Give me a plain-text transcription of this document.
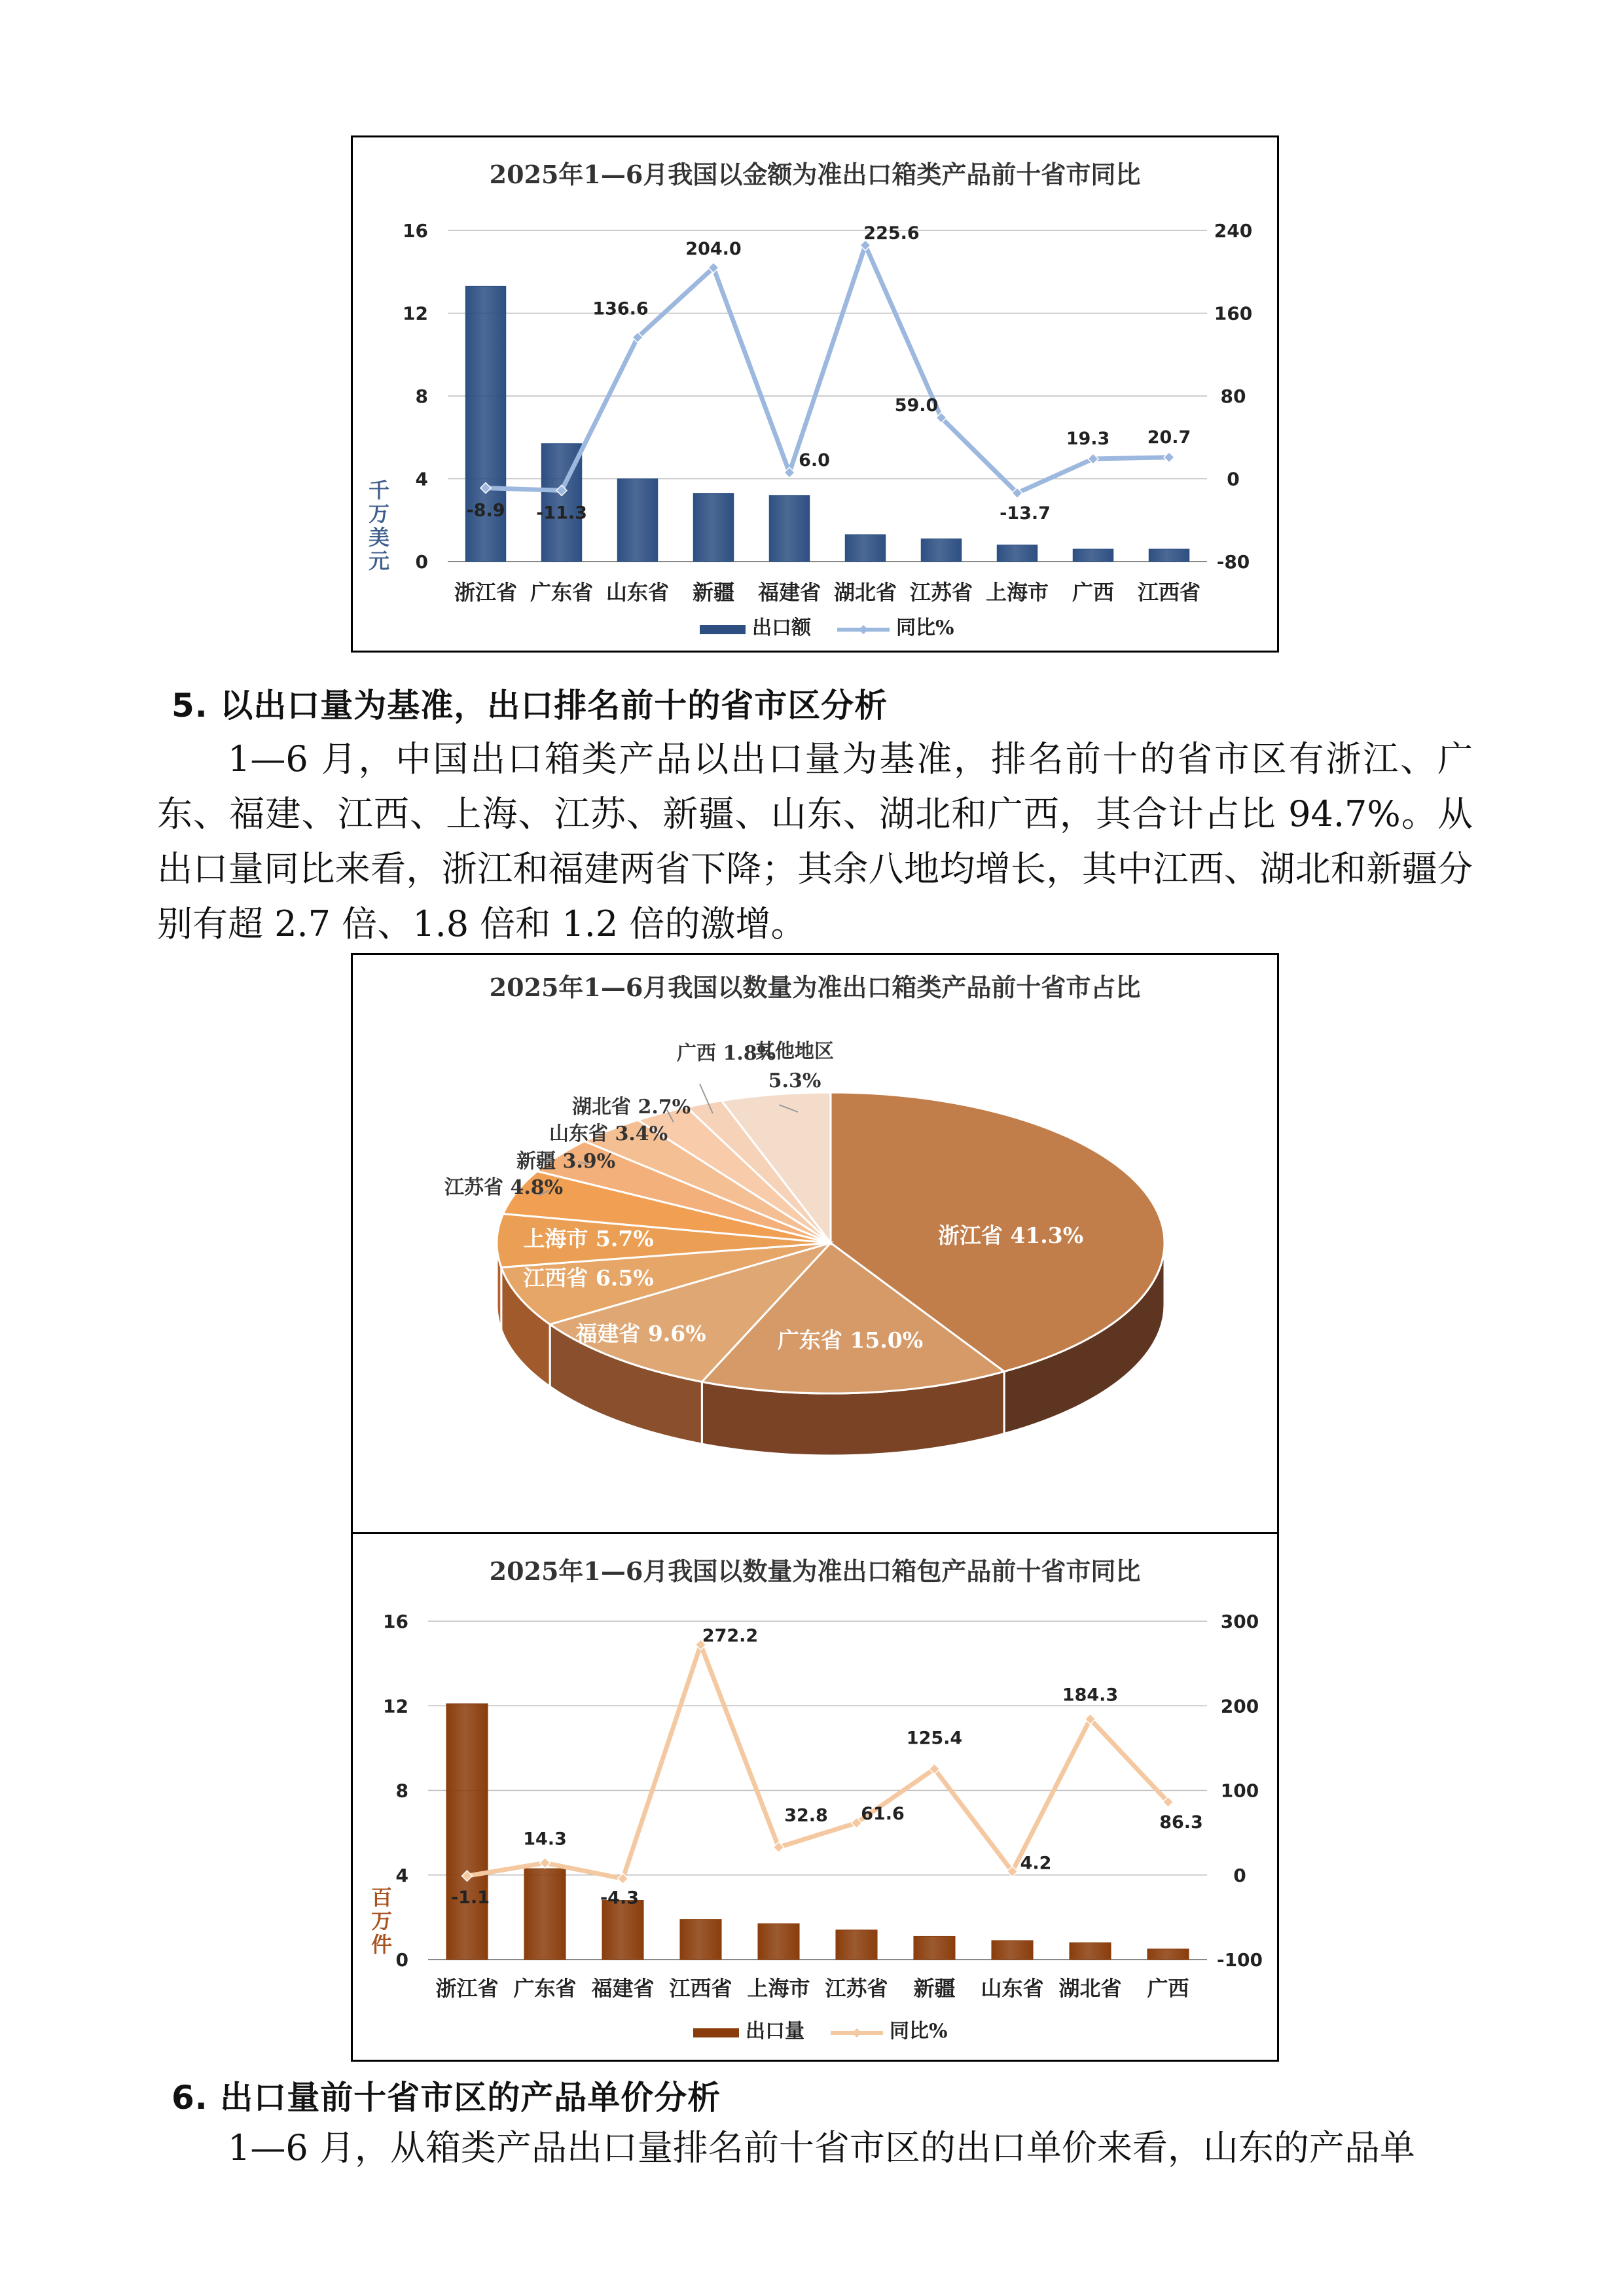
2025年1—6月我国以金额为准出口箱类产品前十省市同比
0
4
8
12
16
-80
0
80
160
240
浙江省 广东省 山东省 新疆 福建省 湖北省 江苏省 上海市 广西 江西省
-8.9 -11.3
136.6
204.0
6.0
225.6
59.0
-13.7
19.3 20.7
千
万
美
元
出口额	同比%
5. 以出口量为基准，出口排名前十的省市区分析
1—6 月，中国出口箱类产品以出口量为基准，排名前十的省市区有浙江、广东、福建、江西、上海、江苏、新疆、山东、湖北和广西，其合计占比 94.7%。从出口量同比来看，浙江和福建两省下降；其余八地均增长，其中江西、湖北和新疆分别有超 2.7 倍、1.8 倍和 1.2 倍的激增。
2025年1—6月我国以数量为准出口箱类产品前十省市占比
浙江省 41.3%
广东省 15.0%
福建省 9.6%
江西省 6.5%
上海市 5.7%
江苏省 4.8%
新疆 3.9%
山东省 3.4%
湖北省 2.7%
广西 1.8%
其他地区
5.3%
2025年1—6月我国以数量为准出口箱包产品前十省市同比
0
4
8
12
16
-100
0
100
200
300
浙江省 广东省 福建省 江西省 上海市 江苏省 新疆 山东省 湖北省 广西
-1.1
14.3
-4.3
272.2
32.8 61.6
125.4
4.2
184.3
86.3
百
万
件
出口量	同比%
6. 出口量前十省市区的产品单价分析
1—6 月，从箱类产品出口量排名前十省市区的出口单价来看，山东的产品单
